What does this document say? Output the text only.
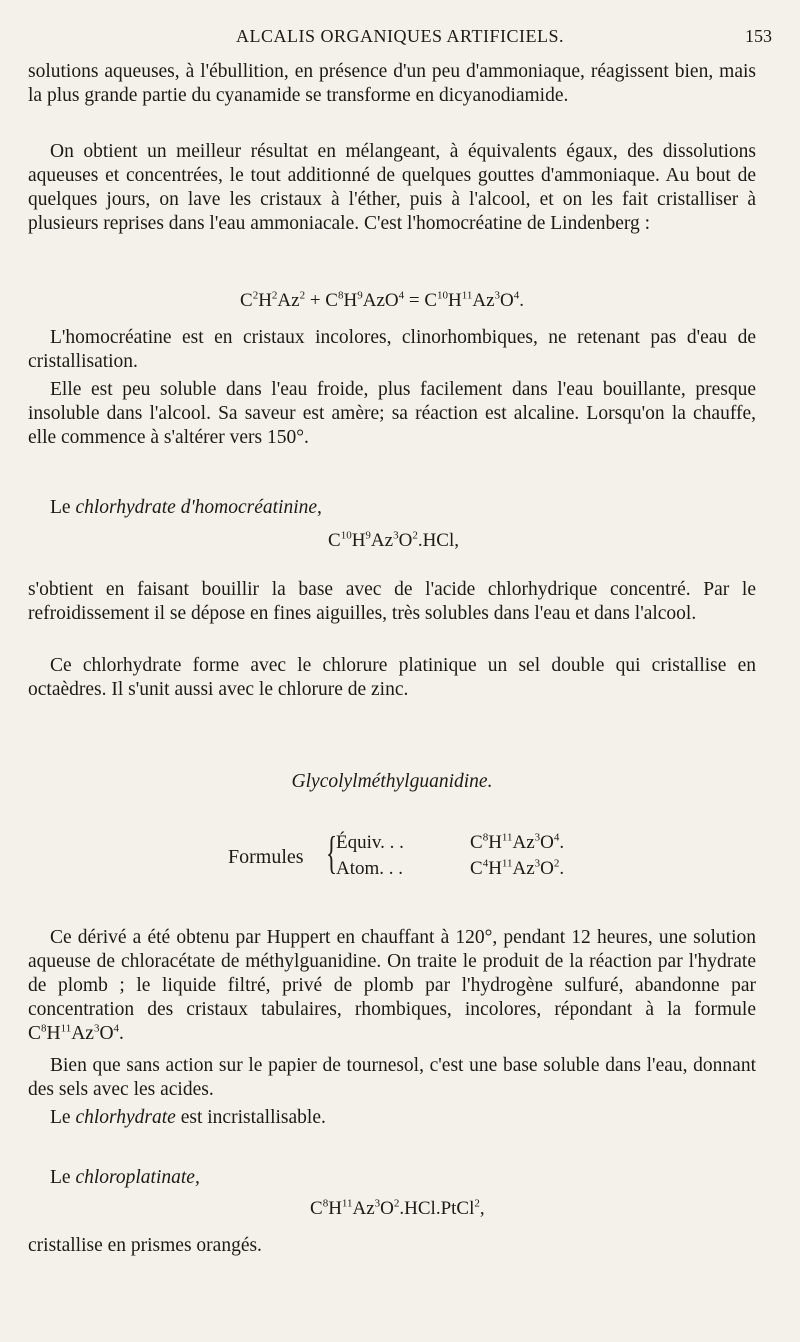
ALCALIS ORGANIQUES ARTIFICIELS.	153
solutions aqueuses, à l'ébullition, en présence d'un peu d'ammoniaque, réagissent bien, mais la plus grande partie du cyanamide se transforme en dicyanodiamide.
On obtient un meilleur résultat en mélangeant, à équivalents égaux, des dissolutions aqueuses et concentrées, le tout additionné de quelques gouttes d'ammoniaque. Au bout de quelques jours, on lave les cristaux à l'éther, puis à l'alcool, et on les fait cristalliser à plusieurs reprises dans l'eau ammoniacale. C'est l'homocréatine de Lindenberg :
$C^2H^2Az^2 + C^8H^9AzO^4 = C^{10}H^{11}Az^3O^4$.
L'homocréatine est en cristaux incolores, clinorhombiques, ne retenant pas d'eau de cristallisation.
Elle est peu soluble dans l'eau froide, plus facilement dans l'eau bouillante, presque insoluble dans l'alcool. Sa saveur est amère; sa réaction est alcaline. Lorsqu'on la chauffe, elle commence à s'altérer vers 150°.
Le chlorhydrate d'homocréatinine,
$C^{10}H^9Az^3O^2.HCl$,
s'obtient en faisant bouillir la base avec de l'acide chlorhydrique concentré. Par le refroidissement il se dépose en fines aiguilles, très solubles dans l'eau et dans l'alcool.
Ce chlorhydrate forme avec le chlorure platinique un sel double qui cristallise en octaèdres. Il s'unit aussi avec le chlorure de zinc.
Glycolylméthylguanidine.
Formules {
Équiv. . .
Atom. . .
$C^8H^{11}Az^3O^4$.
$C^4H^{11}Az^3O^2$.
Ce dérivé a été obtenu par Huppert en chauffant à 120°, pendant 12 heures, une solution aqueuse de chloracétate de méthylguanidine. On traite le produit de la réaction par l'hydrate de plomb ; le liquide filtré, privé de plomb par l'hydrogène sulfuré, abandonne par concentration des cristaux tabulaires, rhombiques, incolores, répondant à la formule $C^8H^{11}Az^3O^4$.
Bien que sans action sur le papier de tournesol, c'est une base soluble dans l'eau, donnant des sels avec les acides.
Le chlorhydrate est incristallisable.
Le chloroplatinate,
$C^8H^{11}Az^3O^2.HCl.PtCl^2$,
cristallise en prismes orangés.
